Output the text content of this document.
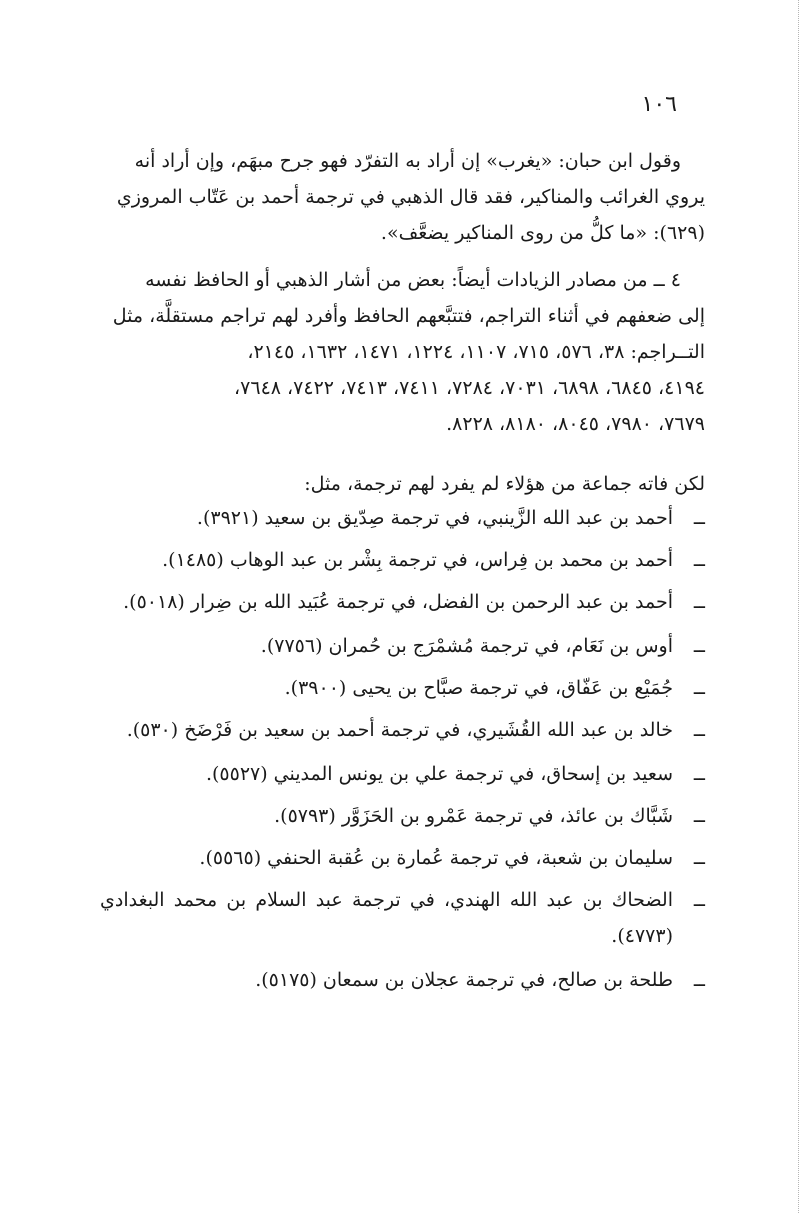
١٠٦

وقول ابن حبان: «يغرب» إن أراد به التفرّد فهو جرح مبهَم، وإن أراد أنه

يروي الغرائب والمناكير، فقد قال الذهبي في ترجمة أحمد بن عَتّاب المروزي

(٦٢٩): «ما كلُّ من روى المناكير يضعَّف».

٤ ــ من مصادر الزيادات أيضاً: بعض من أشار الذهبي أو الحافظ نفسه

إلى ضعفهم في أثناء التراجم، فتتبَّعهم الحافظ وأفرد لهم تراجم مستقلَّة، مثل

التــراجم: ٣٨، ٥٧٦، ٧١٥، ١١٠٧، ١٢٢٤، ١٤٧١، ١٦٣٢، ٢١٤٥،

٤١٩٤، ٦٨٤٥، ٦٨٩٨، ٧٠٣١، ٧٢٨٤، ٧٤١١، ٧٤١٣، ٧٤٢٢، ٧٦٤٨،

٧٦٧٩، ٧٩٨٠، ٨٠٤٥، ٨١٨٠، ٨٢٢٨.

لكن فاته جماعة من هؤلاء لم يفرد لهم ترجمة، مثل:

ــ
أحمد بن عبد الله الزَّينبي، في ترجمة صِدّيق بن سعيد (٣٩٢١).
ــ
أحمد بن محمد بن فِراس، في ترجمة بِشْر بن عبد الوهاب (١٤٨٥).
ــ
أحمد بن عبد الرحمن بن الفضل، في ترجمة عُبَيد الله بن ضِرار (٥٠١٨).
ــ
أوس بن نَعَام، في ترجمة مُشمْرَج بن حُمران (٧٧٥٦).
ــ
جُمَيْع بن عَفّاق، في ترجمة صبَّاح بن يحيى (٣٩٠٠).
ــ
خالد بن عبد الله القُشَيري، في ترجمة أحمد بن سعيد بن فَرْضَخ (٥٣٠).
ــ
سعيد بن إسحاق، في ترجمة علي بن يونس المديني (٥٥٢٧).
ــ
شَبَّاك بن عائذ، في ترجمة عَمْرو بن الحَزَوَّر (٥٧٩٣).
ــ
سليمان بن شعبة، في ترجمة عُمارة بن عُقبة الحنفي (٥٥٦٥).
ــ
الضحاك بن عبد الله الهندي، في ترجمة عبد السلام بن محمد البغدادي (٤٧٧٣).
ــ
طلحة بن صالح، في ترجمة عجلان بن سمعان (٥١٧٥).
